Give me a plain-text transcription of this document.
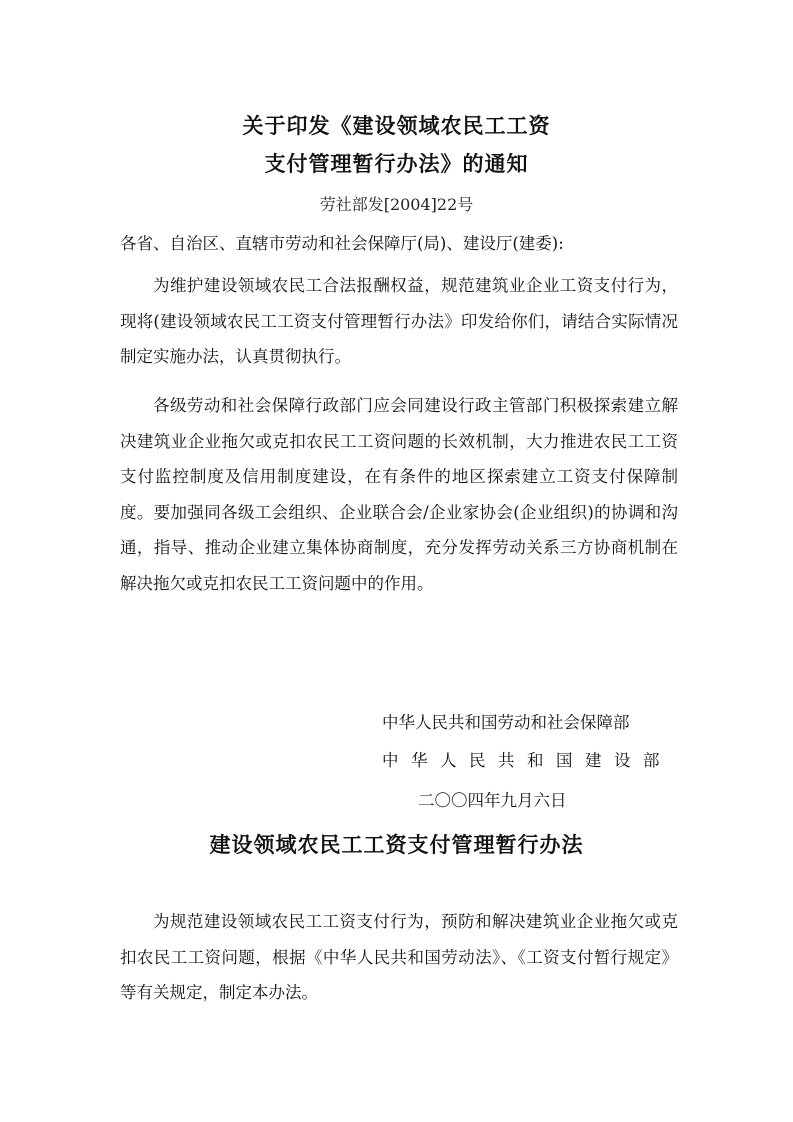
关于印发《建设领域农民工工资
支付管理暂行办法》的通知
劳社部发[2004]22号
各省、自治区、直辖市劳动和社会保障厅(局)、建设厅(建委):
为维护建设领域农民工合法报酬权益，规范建筑业企业工资支付行为，现将(建设领域农民工工资支付管理暂行办法》印发给你们，请结合实际情况制定实施办法，认真贯彻执行。
各级劳动和社会保障行政部门应会同建设行政主管部门积极探索建立解决建筑业企业拖欠或克扣农民工工资问题的长效机制，大力推进农民工工资支付监控制度及信用制度建设，在有条件的地区探索建立工资支付保障制度。要加强同各级工会组织、企业联合会/企业家协会(企业组织)的协调和沟通，指导、推动企业建立集体协商制度，充分发挥劳动关系三方协商机制在解决拖欠或克扣农民工工资问题中的作用。
中华人民共和国劳动和社会保障部
中华人民共和国建设部
二〇〇四年九月六日
建设领域农民工工资支付管理暂行办法
为规范建设领域农民工工资支付行为，预防和解决建筑业企业拖欠或克扣农民工工资问题，根据《中华人民共和国劳动法》、《工资支付暂行规定》等有关规定，制定本办法。
